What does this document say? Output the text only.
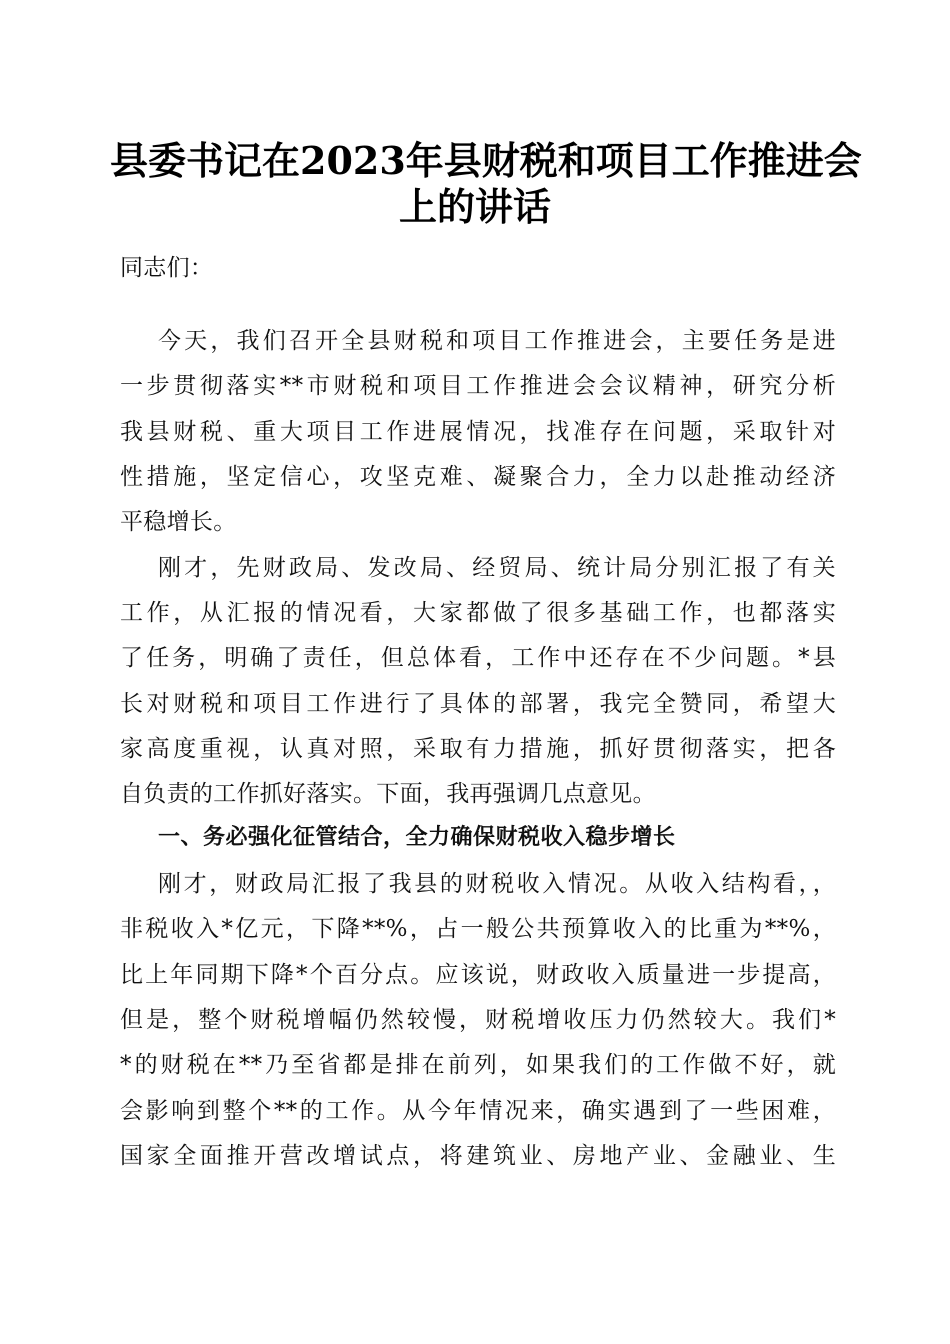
县委书记在2023年县财税和项目工作推进会
上的讲话
同志们：
今天，我们召开全县财税和项目工作推进会，主要任务是进
一步贯彻落实**市财税和项目工作推进会会议精神，研究分析
我县财税、重大项目工作进展情况，找准存在问题，采取针对
性措施，坚定信心，攻坚克难、凝聚合力，全力以赴推动经济
平稳增长。
刚才，先财政局、发改局、经贸局、统计局分别汇报了有关
工作，从汇报的情况看，大家都做了很多基础工作，也都落实
了任务，明确了责任，但总体看，工作中还存在不少问题。*县
长对财税和项目工作进行了具体的部署，我完全赞同，希望大
家高度重视，认真对照，采取有力措施，抓好贯彻落实，把各
自负责的工作抓好落实。下面，我再强调几点意见。
一、务必强化征管结合，全力确保财税收入稳步增长
刚才，财政局汇报了我县的财税收入情况。从收入结构看，，
非税收入*亿元，下降**%，占一般公共预算收入的比重为**%，
比上年同期下降*个百分点。应该说，财政收入质量进一步提高，
但是，整个财税增幅仍然较慢，财税增收压力仍然较大。我们*
*的财税在**乃至省都是排在前列，如果我们的工作做不好，就
会影响到整个**的工作。从今年情况来，确实遇到了一些困难，
国家全面推开营改增试点，将建筑业、房地产业、金融业、生
